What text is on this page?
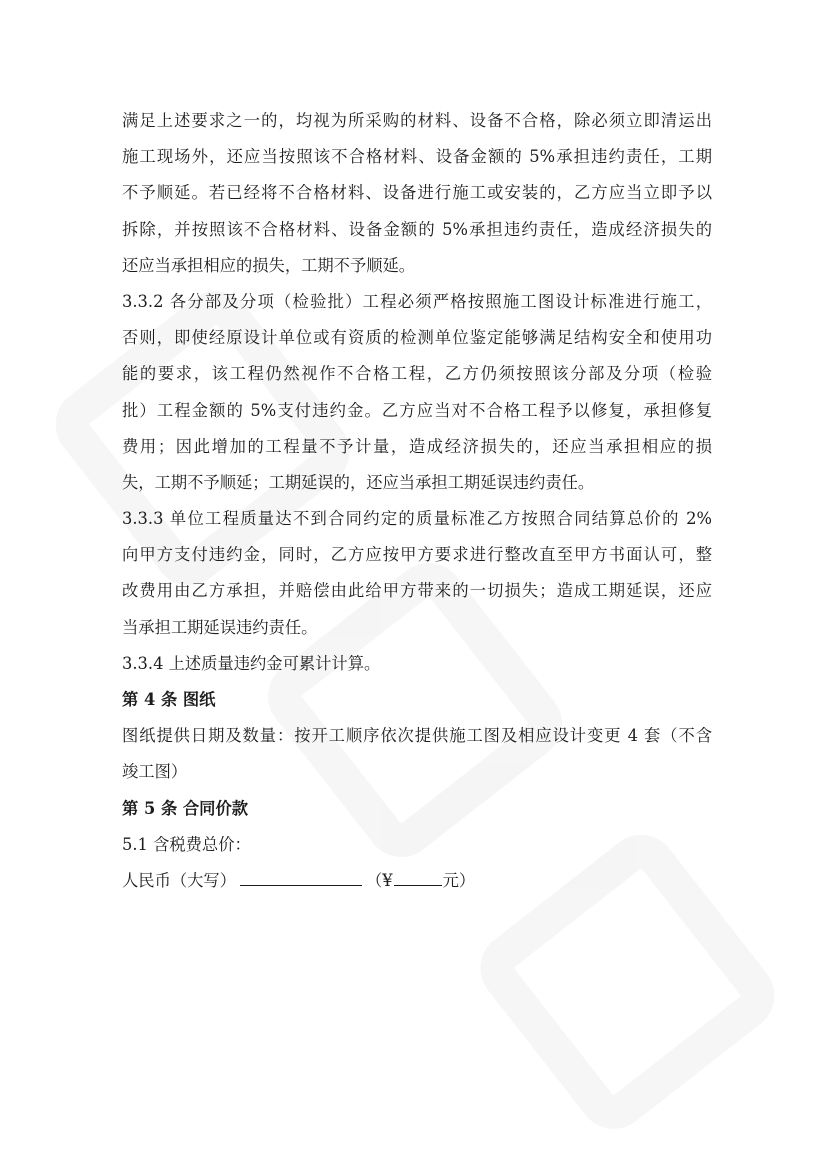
满足上述要求之一的，均视为所采购的材料、设备不合格，除必须立即清运出
施工现场外，还应当按照该不合格材料、设备金额的 5%承担违约责任，工期
不予顺延。若已经将不合格材料、设备进行施工或安装的，乙方应当立即予以
拆除，并按照该不合格材料、设备金额的 5%承担违约责任，造成经济损失的
还应当承担相应的损失，工期不予顺延。
3.3.2 各分部及分项（检验批）工程必须严格按照施工图设计标准进行施工，
否则，即使经原设计单位或有资质的检测单位鉴定能够满足结构安全和使用功
能的要求，该工程仍然视作不合格工程，乙方仍须按照该分部及分项（检验
批）工程金额的 5%支付违约金。乙方应当对不合格工程予以修复，承担修复
费用；因此增加的工程量不予计量，造成经济损失的，还应当承担相应的损
失，工期不予顺延；工期延误的，还应当承担工期延误违约责任。
3.3.3 单位工程质量达不到合同约定的质量标准乙方按照合同结算总价的 2%
向甲方支付违约金，同时，乙方应按甲方要求进行整改直至甲方书面认可，整
改费用由乙方承担，并赔偿由此给甲方带来的一切损失；造成工期延误，还应
当承担工期延误违约责任。
3.3.4 上述质量违约金可累计计算。
第 4 条 图纸
图纸提供日期及数量：按开工顺序依次提供施工图及相应设计变更 4 套（不含
竣工图）
第 5 条 合同价款
5.1 含税费总价：
人民币（大写）	（¥	元）
